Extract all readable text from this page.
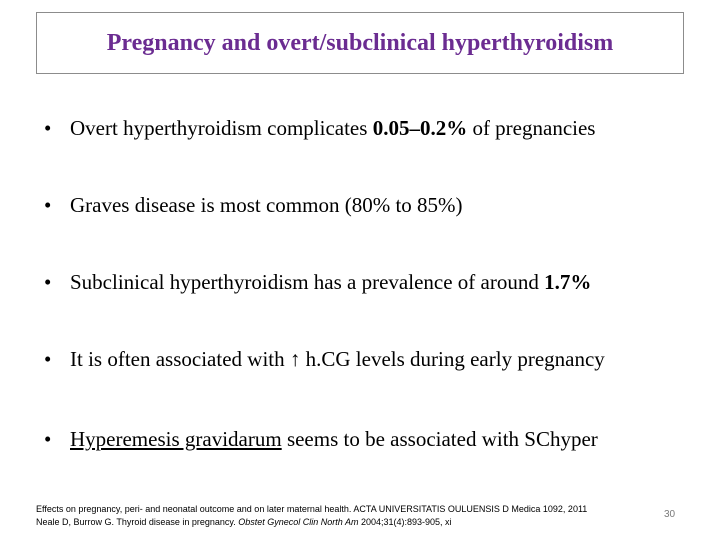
Pregnancy and overt/subclinical hyperthyroidism
• Overt hyperthyroidism complicates 0.05–0.2% of pregnancies
• Graves disease is most common (80% to 85%)
• Subclinical hyperthyroidism has a prevalence of around 1.7%
• It is often associated with ↑ h.CG levels during early pregnancy
• Hyperemesis gravidarum seems to be associated with SChyper
Effects on pregnancy, peri- and neonatal outcome and on later maternal health. ACTA UNIVERSITATIS OULUENSIS D Medica 1092, 2011
Neale D, Burrow G. Thyroid disease in pregnancy. Obstet Gynecol Clin North Am 2004;31(4):893-905, xi
30
